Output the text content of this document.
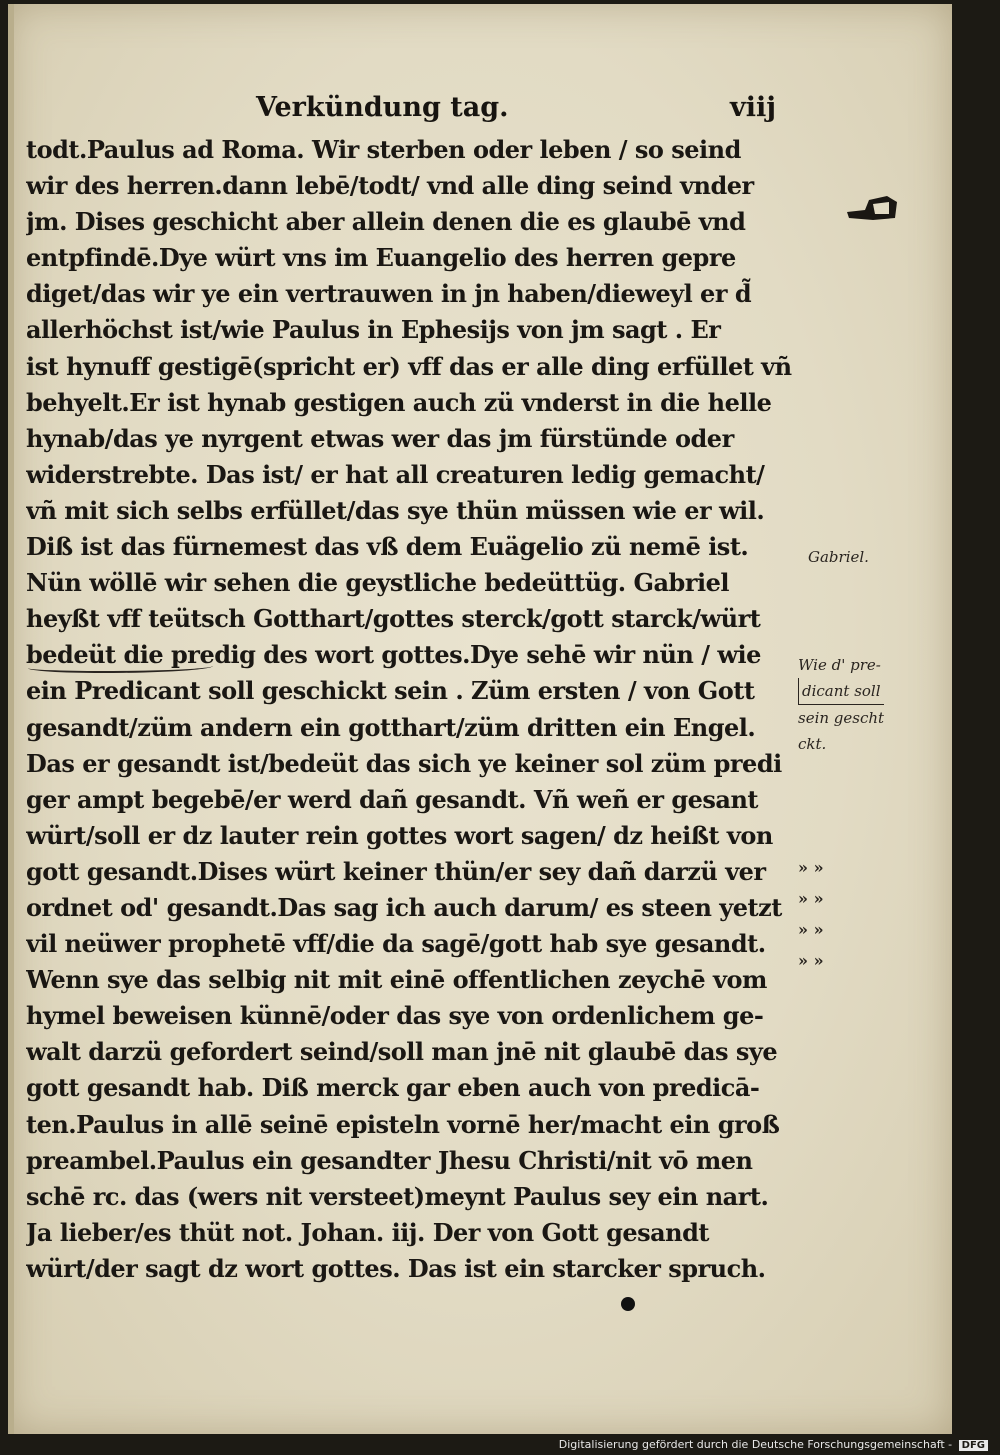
Verkündung tag.	viij
todt.Paulus ad Roma. Wir sterben oder leben / so seind
wir des herren.dann lebē/todt/ vnd alle ding seind vnder
jm. Dises geschicht aber allein denen die es glaubē vnd
entpfindē.Dye würt vns im Euangelio des herren gepre
diget/das wir ye ein vertrauwen in jn haben/dieweyl er d̃
allerhöchst ist/wie Paulus in Ephesijs von jm sagt . Er
ist hynuff gestigē(spricht er) vff das er alle ding erfüllet vñ
behyelt.Er ist hynab gestigen auch zü vnderst in die helle
hynab/das ye nyrgent etwas wer das jm fürstünde oder
widerstrebte. Das ist/ er hat all creaturen ledig gemacht/
vñ mit sich selbs erfüllet/das sye thün müssen wie er wil.
Diß ist das fürnemest das vß dem Euägelio zü nemē ist.
Nün wöllē wir sehen die geystliche bedeüttüg. Gabriel
heyßt vff teütsch Gotthart/gottes sterck/gott starck/würt
bedeüt die predig des wort gottes.Dye sehē wir nün / wie
ein Predicant soll geschickt sein . Züm ersten / von Gott
gesandt/züm andern ein gotthart/züm dritten ein Engel.
Das er gesandt ist/bedeüt das sich ye keiner sol züm predi
ger ampt begebē/er werd dañ gesandt. Vñ weñ er gesant
würt/soll er dz lauter rein gottes wort sagen/ dz heißt von
gott gesandt.Dises würt keiner thün/er sey dañ darzü ver
ordnet od' gesandt.Das sag ich auch darum/ es steen yetzt
vil neüwer prophetē vff/die da sagē/gott hab sye gesandt.
Wenn sye das selbig nit mit einē offentlichen zeychē vom
hymel beweisen künnē/oder das sye von ordenlichem ge-
walt darzü gefordert seind/soll man jnē nit glaubē das sye
gott gesandt hab. Diß merck gar eben auch von predicā-
ten.Paulus in allē seinē episteln vornē her/macht ein groß
preambel.Paulus ein gesandter Jhesu Christi/nit vō men
schē rc. das (wers nit versteet)meynt Paulus sey ein nart.
Ja lieber/es thüt not. Johan. iij. Der von Gott gesandt
würt/der sagt dz wort gottes. Das ist ein starcker spruch.
Gabriel.
Wie d' pre-
dicant soll
sein gescht
ckt.
» »
» »
» »
» »
Digitalisierung gefördert durch die Deutsche Forschungsgemeinschaft - DFG
